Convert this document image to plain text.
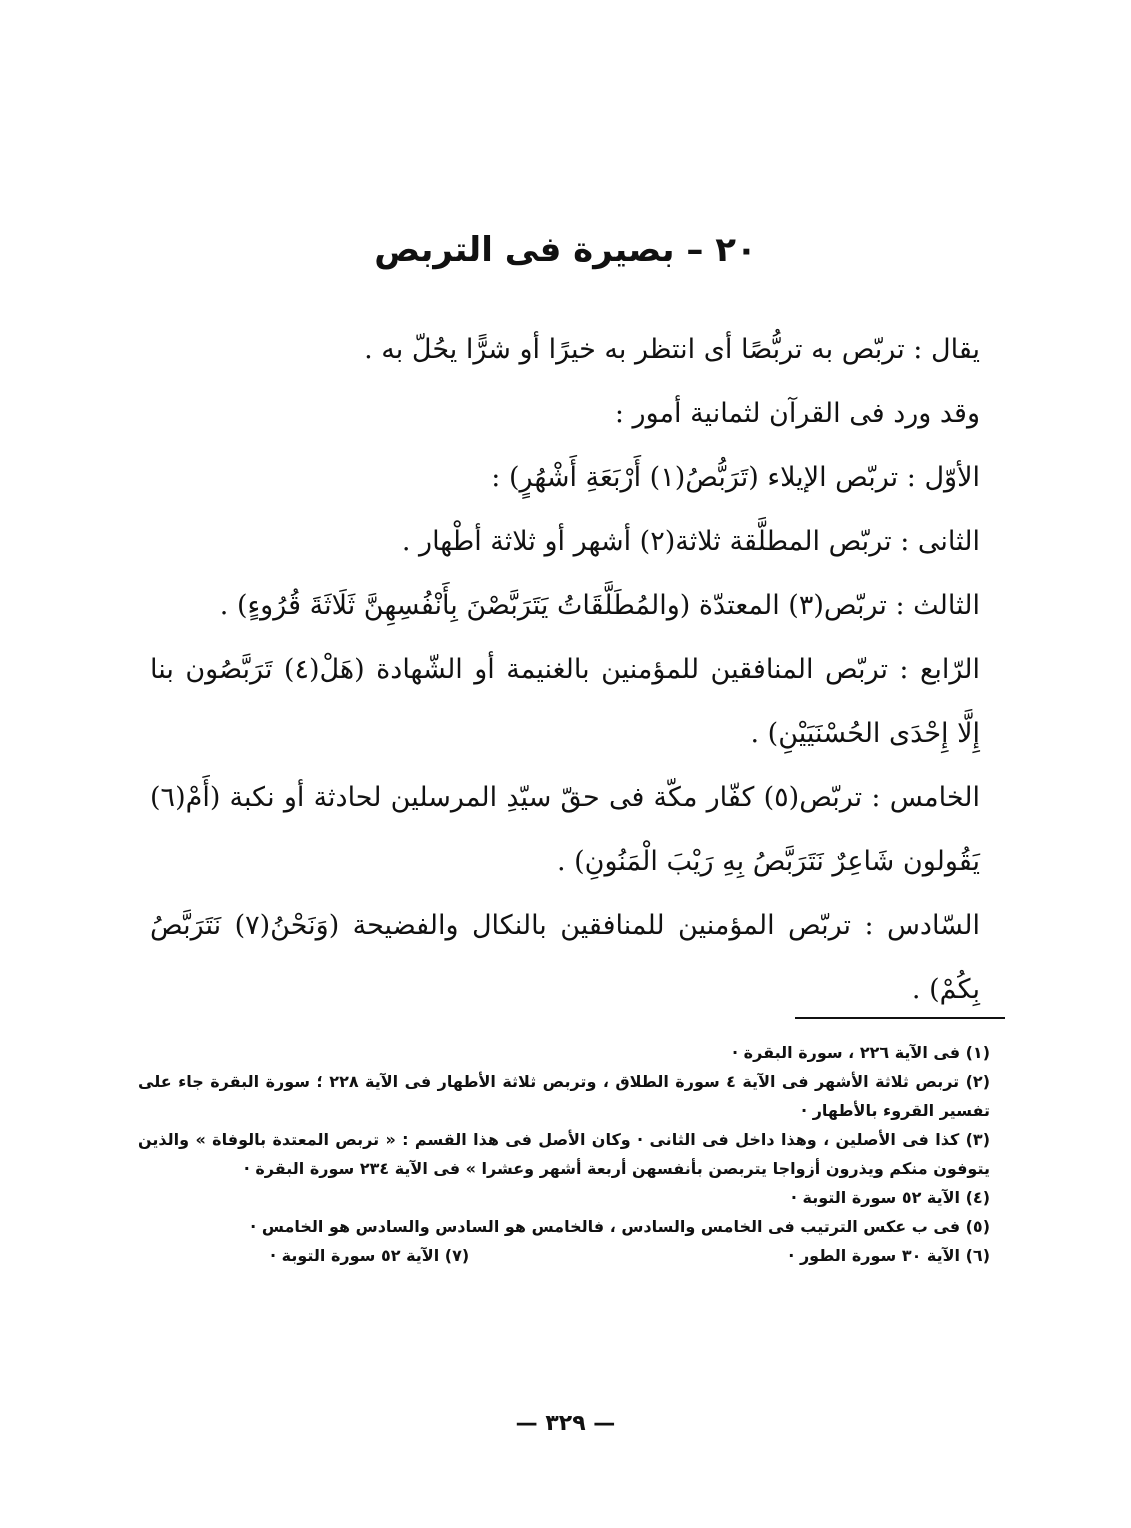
٢٠ – بصيرة فى التربص

يقال : تربّص به تربُّصًا أى انتظر به خيرًا أو شرًّا يحُلّ به .

وقد ورد فى القرآن لثمانية أمور :

الأوّل : تربّص الإيلاء (تَرَبُّصُ(١) أَرْبَعَةِ أَشْهُرٍ) :

الثانى : تربّص المطلَّقة ثلاثة(٢) أشهر أو ثلاثة أطْهار .

الثالث : تربّص(٣) المعتدّة (والمُطَلَّقَاتُ يَتَرَبَّصْنَ بِأَنْفُسِهِنَّ ثَلَاثَةَ قُرُوءٍ) .

الرّابع : تربّص المنافقين للمؤمنين بالغنيمة أو الشّهادة (هَلْ(٤) تَرَبَّصُون بنا إِلَّا إِحْدَى الحُسْنَيَيْنِ) .

الخامس : تربّص(٥) كفّار مكّة فى حقّ سيّدِ المرسلين لحادثة أو نكبة (أَمْ(٦) يَقُولون شَاعِرٌ نَتَرَبَّصُ بِهِ رَيْبَ الْمَنُونِ) .

السّادس : تربّص المؤمنين للمنافقين بالنكال والفضيحة (وَنَحْنُ(٧) نَتَرَبَّصُ بِكُمْ) .

(١) فى الآية ٢٢٦ ، سورة البقرة ·

(٢) تربص ثلاثة الأشهر فى الآية ٤ سورة الطلاق ، وتربص ثلاثة الأطهار فى الآية ٢٢٨ ؛ سورة البقرة جاء على تفسير القروء بالأطهار ·

(٣) كذا فى الأصلين ، وهذا داخل فى الثانى · وكان الأصل فى هذا القسم : « تربص المعتدة بالوفاة » والذين يتوفون منكم ويذرون أزواجا يتربصن بأنفسهن أربعة أشهر وعشرا » فى الآية ٢٣٤ سورة البقرة ·

(٤) الآية ٥٢ سورة التوبة ·

(٥) فى ب عكس الترتيب فى الخامس والسادس ، فالخامس هو السادس والسادس هو الخامس ·

(٦) الآية ٣٠ سورة الطور ·
(٧) الآية ٥٢ سورة التوبة ·
— ٣٢٩ —
